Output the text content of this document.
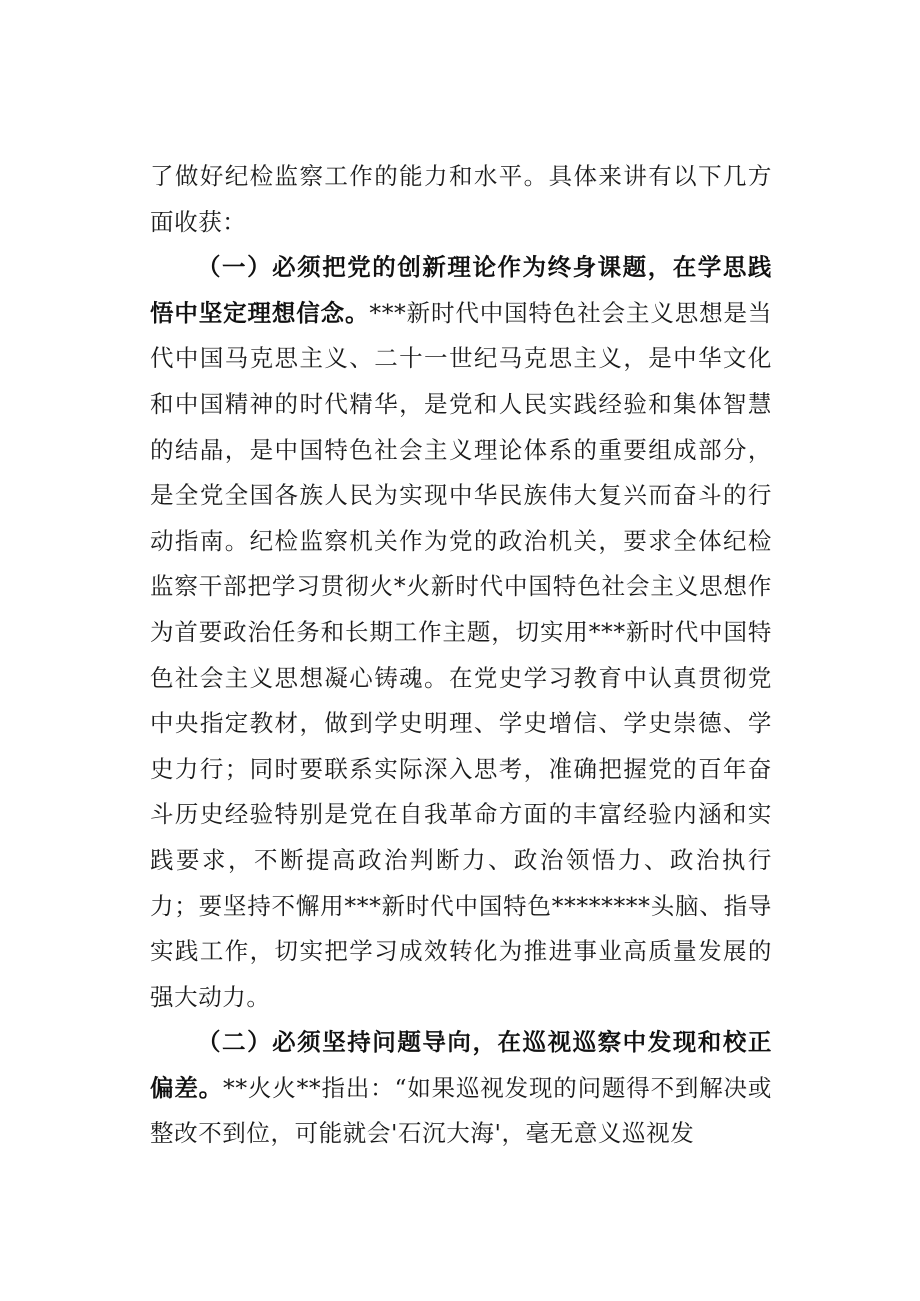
了做好纪检监察工作的能力和水平。具体来讲有以下几方面收获：

（一）必须把党的创新理论作为终身课题，在学思践悟中坚定理想信念。***新时代中国特色社会主义思想是当代中国马克思主义、二十一世纪马克思主义，是中华文化和中国精神的时代精华，是党和人民实践经验和集体智慧的结晶，是中国特色社会主义理论体系的重要组成部分，是全党全国各族人民为实现中华民族伟大复兴而奋斗的行动指南。纪检监察机关作为党的政治机关，要求全体纪检监察干部把学习贯彻火*火新时代中国特色社会主义思想作为首要政治任务和长期工作主题，切实用***新时代中国特色社会主义思想凝心铸魂。在党史学习教育中认真贯彻党中央指定教材，做到学史明理、学史增信、学史崇德、学史力行；同时要联系实际深入思考，准确把握党的百年奋斗历史经验特别是党在自我革命方面的丰富经验内涵和实践要求，不断提高政治判断力、政治领悟力、政治执行力；要坚持不懈用***新时代中国特色********头脑、指导实践工作，切实把学习成效转化为推进事业高质量发展的强大动力。

（二）必须坚持问题导向，在巡视巡察中发现和校正偏差。**火火**指出：“如果巡视发现的问题得不到解决或整改不到位，可能就会'石沉大海'，毫无意义巡视发
